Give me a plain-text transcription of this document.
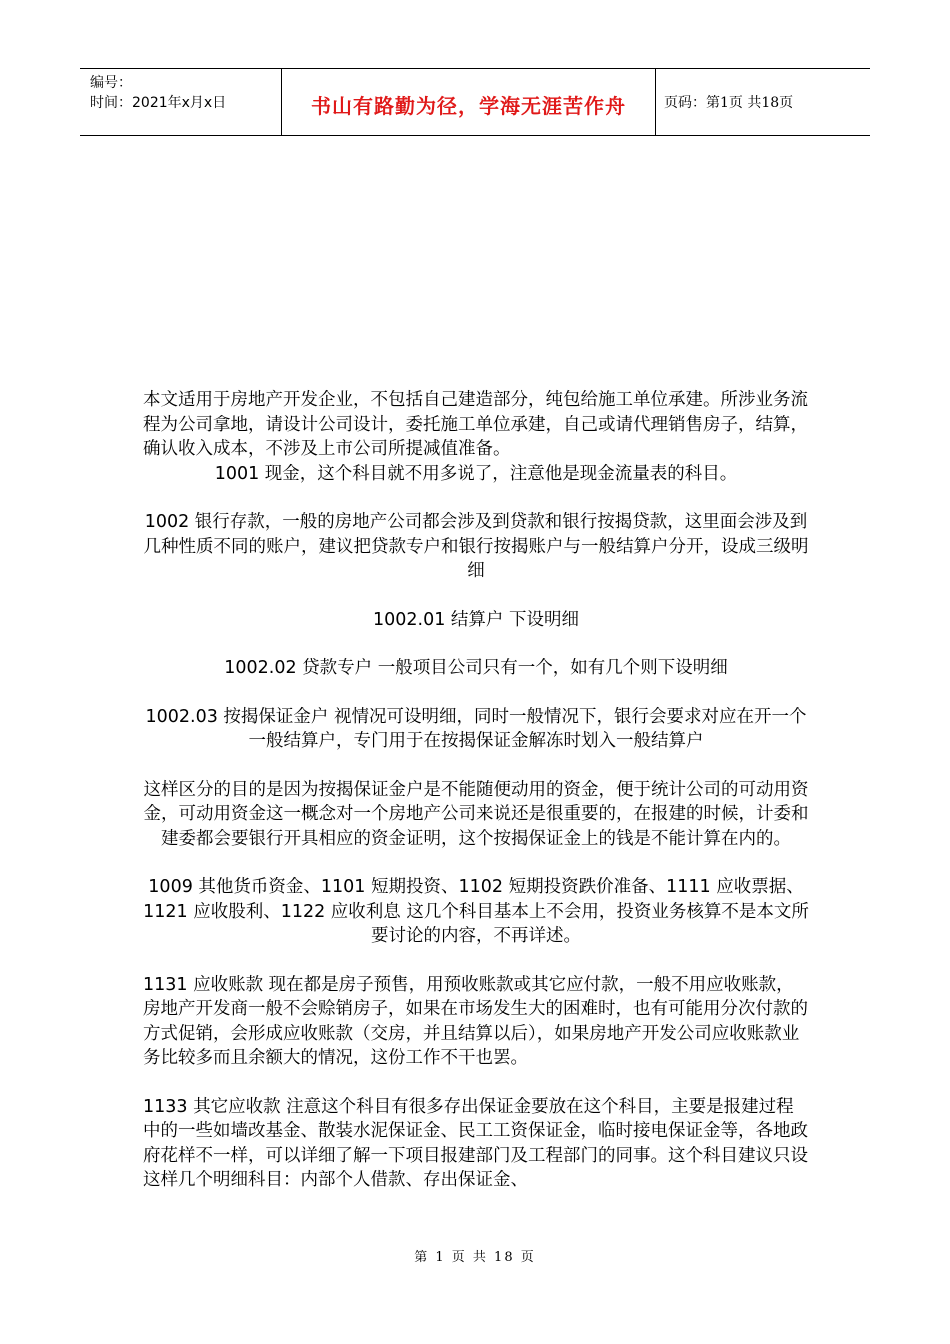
编号：
时间：2021年x月x日	书山有路勤为径，学海无涯苦作舟	页码：第1页 共18页

本文适用于房地产开发企业，不包括自己建造部分，纯包给施工单位承建。所涉业务流程为公司拿地，请设计公司设计，委托施工单位承建，自己或请代理销售房子，结算，确认收入成本，不涉及上市公司所提减值准备。

1001 现金，这个科目就不用多说了，注意他是现金流量表的科目。

1002 银行存款，一般的房地产公司都会涉及到贷款和银行按揭贷款，这里面会涉及到几种性质不同的账户，建议把贷款专户和银行按揭账户与一般结算户分开，设成三级明细

1002.01 结算户 下设明细

1002.02 贷款专户 一般项目公司只有一个，如有几个则下设明细

1002.03 按揭保证金户 视情况可设明细，同时一般情况下，银行会要求对应在开一个一般结算户，专门用于在按揭保证金解冻时划入一般结算户

这样区分的目的是因为按揭保证金户是不能随便动用的资金，便于统计公司的可动用资金，可动用资金这一概念对一个房地产公司来说还是很重要的，在报建的时候，计委和建委都会要银行开具相应的资金证明，这个按揭保证金上的钱是不能计算在内的。

1009 其他货币资金、1101 短期投资、1102 短期投资跌价准备、1111 应收票据、1121 应收股利、1122 应收利息 这几个科目基本上不会用，投资业务核算不是本文所要讨论的内容，不再详述。

1131 应收账款 现在都是房子预售，用预收账款或其它应付款，一般不用应收账款，房地产开发商一般不会赊销房子，如果在市场发生大的困难时，也有可能用分次付款的方式促销，会形成应收账款（交房，并且结算以后），如果房地产开发公司应收账款业务比较多而且余额大的情况，这份工作不干也罢。

1133 其它应收款 注意这个科目有很多存出保证金要放在这个科目，主要是报建过程中的一些如墙改基金、散装水泥保证金、民工工资保证金，临时接电保证金等，各地政府花样不一样，可以详细了解一下项目报建部门及工程部门的同事。这个科目建议只设这样几个明细科目：内部个人借款、存出保证金、

第 1 页 共 18 页
